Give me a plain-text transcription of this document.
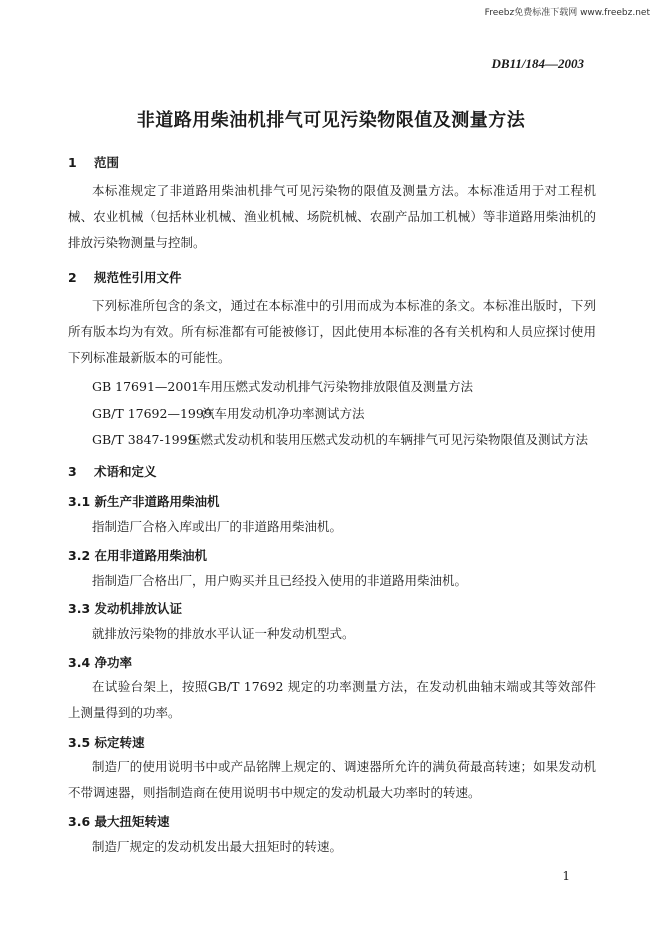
Freebz免费标准下载网 www.freebz.net
DB11/184—2003
非道路用柴油机排气可见污染物限值及测量方法
1 范围
本标准规定了非道路用柴油机排气可见污染物的限值及测量方法。本标准适用于对工程机械、农业机械（包括林业机械、渔业机械、场院机械、农副产品加工机械）等非道路用柴油机的排放污染物测量与控制。
2 规范性引用文件
下列标准所包含的条文，通过在本标准中的引用而成为本标准的条文。本标准出版时，下列所有版本均为有效。所有标准都有可能被修订，因此使用本标准的各有关机构和人员应探讨使用下列标准最新版本的可能性。
GB 17691—2001车用压燃式发动机排气污染物排放限值及测量方法
GB/T 17692—1999汽车用发动机净功率测试方法
GB/T 3847-1999压燃式发动机和装用压燃式发动机的车辆排气可见污染物限值及测试方法
3 术语和定义
3.1 新生产非道路用柴油机
指制造厂合格入库或出厂的非道路用柴油机。
3.2 在用非道路用柴油机
指制造厂合格出厂，用户购买并且已经投入使用的非道路用柴油机。
3.3 发动机排放认证
就排放污染物的排放水平认证一种发动机型式。
3.4 净功率
在试验台架上，按照GB/T 17692 规定的功率测量方法，在发动机曲轴末端或其等效部件上测量得到的功率。
3.5 标定转速
制造厂的使用说明书中或产品铭牌上规定的、调速器所允许的满负荷最高转速；如果发动机不带调速器，则指制造商在使用说明书中规定的发动机最大功率时的转速。
3.6 最大扭矩转速
制造厂规定的发动机发出最大扭矩时的转速。
1
